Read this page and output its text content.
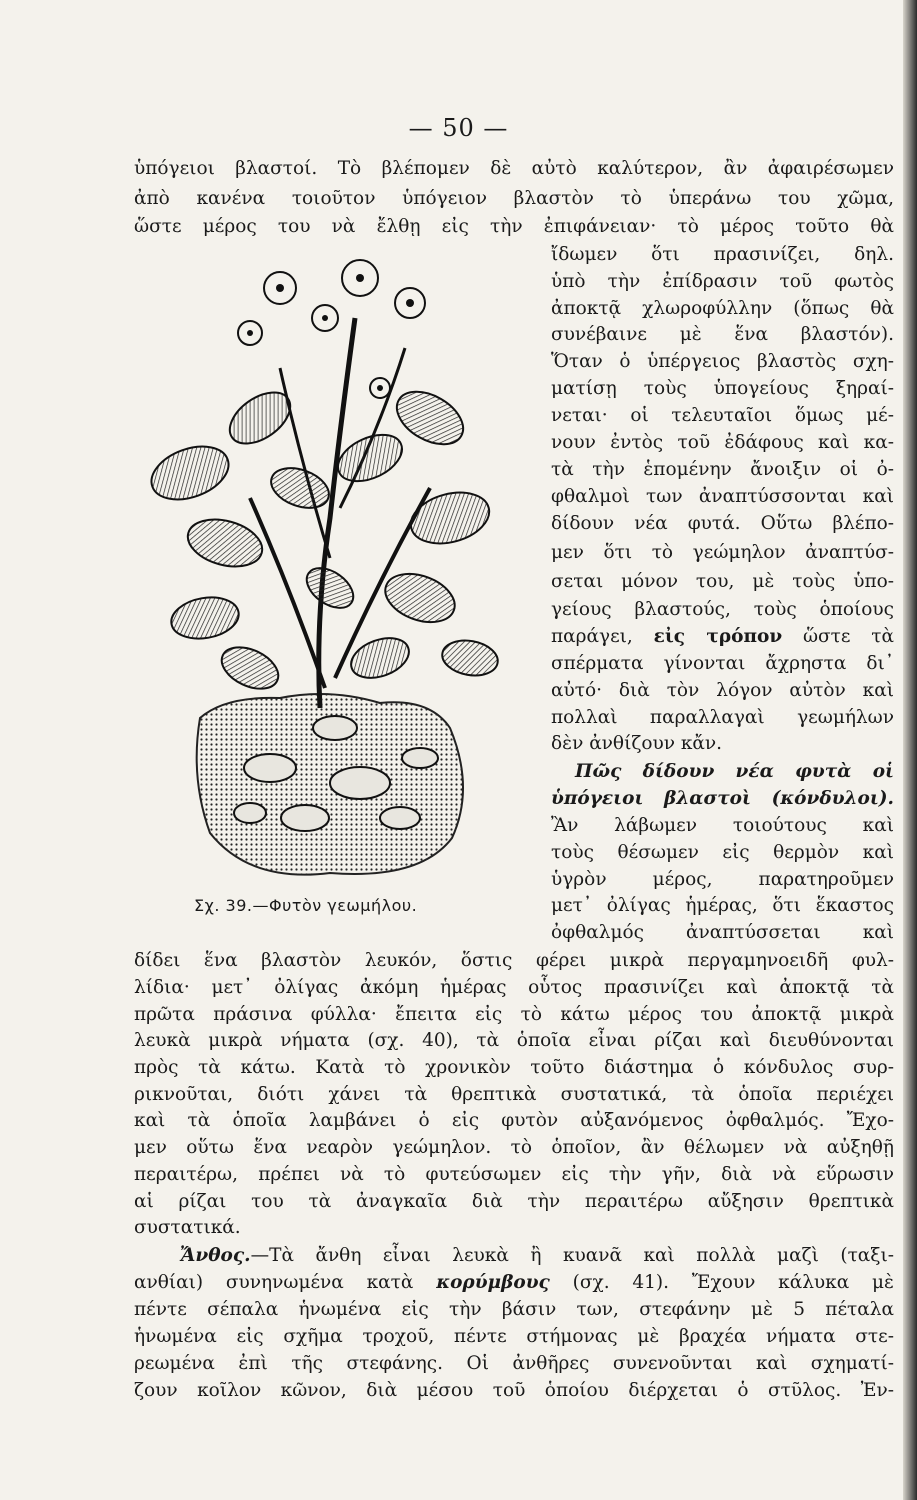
— 50 —
ὑπόγειοι βλαστοί. Τὸ βλέπομεν δὲ αὐτὸ καλύτερον, ἂν ἀφαιρέσωμεν
ἀπὸ κανένα τοιοῦτον ὑπόγειον βλαστὸν τὸ ὑπεράνω του χῶμα,
ὥστε μέρος του νὰ ἔλθῃ εἰς τὴν ἐπιφάνειαν· τὸ μέρος τοῦτο θὰ
Σχ. 39.—Φυτὸν γεωμήλου.
ἴδωμεν ὅτι πρασινίζει, δηλ.
ὑπὸ τὴν ἐπίδρασιν τοῦ φωτὸς
ἀποκτᾷ χλωροφύλλην (ὅπως θὰ
συνέβαινε μὲ ἕνα βλαστόν).
Ὅταν ὁ ὑπέργειος βλαστὸς σχη-
ματίσῃ τοὺς ὑπογείους ξηραί-
νεται· οἱ τελευταῖοι ὅμως μέ-
νουν ἐντὸς τοῦ ἐδάφους καὶ κα-
τὰ τὴν ἑπομένην ἄνοιξιν οἱ ὀ-
φθαλμοὶ των ἀναπτύσσονται καὶ
δίδουν νέα φυτά. Οὕτω βλέπο-
μεν ὅτι τὸ γεώμηλον ἀναπτύσ-
σεται μόνον του, μὲ τοὺς ὑπο-
γείους βλαστούς, τοὺς ὁποίους
παράγει, εἰς τρόπον ὥστε τὰ
σπέρματα γίνονται ἄχρηστα δι᾿
αὐτό· διὰ τὸν λόγον αὐτὸν καὶ
πολλαὶ παραλλαγαὶ γεωμήλων
δὲν ἀνθίζουν κἄν.
Πῶς δίδουν νέα φυτὰ οἱ
ὑπόγειοι βλαστοὶ (κόνδυλοι).
Ἂν λάβωμεν τοιούτους καὶ
τοὺς θέσωμεν εἰς θερμὸν καὶ
ὑγρὸν μέρος, παρατηροῦμεν
μετ᾿ ὀλίγας ἡμέρας, ὅτι ἕκαστος
ὀφθαλμός ἀναπτύσσεται καὶ
δίδει ἕνα βλαστὸν λευκόν, ὅστις φέρει μικρὰ περγαμηνοειδῆ φυλ-
λίδια· μετ᾿ ὀλίγας ἀκόμη ἡμέρας οὗτος πρασινίζει καὶ ἀποκτᾷ τὰ
πρῶτα πράσινα φύλλα· ἔπειτα εἰς τὸ κάτω μέρος του ἀποκτᾷ μικρὰ
λευκὰ μικρὰ νήματα (σχ. 40), τὰ ὁποῖα εἶναι ρίζαι καὶ διευθύνονται
πρὸς τὰ κάτω. Κατὰ τὸ χρονικὸν τοῦτο διάστημα ὁ κόνδυλος συρ-
ρικνοῦται, διότι χάνει τὰ θρεπτικὰ συστατικά, τὰ ὁποῖα περιέχει
καὶ τὰ ὁποῖα λαμβάνει ὁ εἰς φυτὸν αὐξανόμενος ὀφθαλμός. Ἔχο-
μεν οὕτω ἕνα νεαρὸν γεώμηλον. τὸ ὁποῖον, ἂν θέλωμεν νὰ αὐξηθῇ
περαιτέρω, πρέπει νὰ τὸ φυτεύσωμεν εἰς τὴν γῆν, διὰ νὰ εὕρωσιν
αἱ ρίζαι του τὰ ἀναγκαῖα διὰ τὴν περαιτέρω αὔξησιν θρεπτικὰ
συστατικά.
Ἄνθος.—Τὰ ἄνθη εἶναι λευκὰ ἢ κυανᾶ καὶ πολλὰ μαζὶ (ταξι-
ανθίαι) συνηνωμένα κατὰ κορύμβους (σχ. 41). Ἔχουν κάλυκα μὲ
πέντε σέπαλα ἡνωμένα εἰς τὴν βάσιν των, στεφάνην μὲ 5 πέταλα
ἡνωμένα εἰς σχῆμα τροχοῦ, πέντε στήμονας μὲ βραχέα νήματα στε-
ρεωμένα ἐπὶ τῆς στεφάνης. Οἱ ἀνθῆρες συνενοῦνται καὶ σχηματί-
ζουν κοῖλον κῶνον, διὰ μέσου τοῦ ὁποίου διέρχεται ὁ στῦλος. Ἐν-
